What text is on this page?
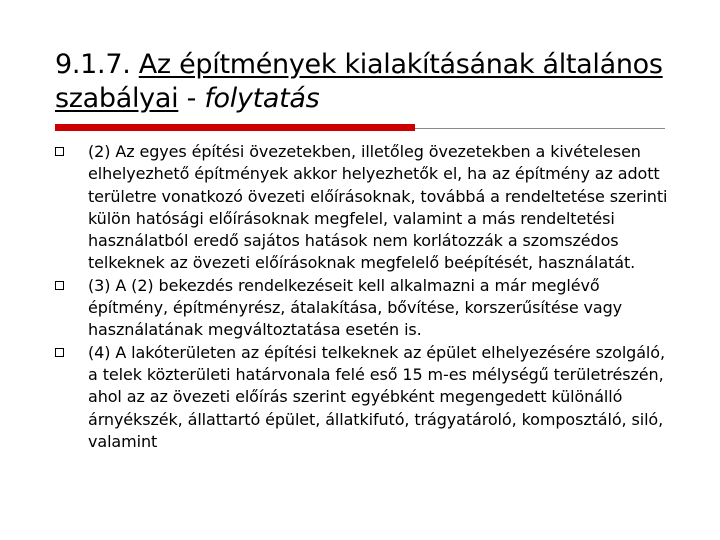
9.1.7. Az építmények kialakításának általános szabályai - folytatás
(2) Az egyes építési övezetekben, illetőleg övezetekben a kivételesen elhelyezhető építmények akkor helyezhetők el, ha az építmény az adott területre vonatkozó övezeti előírásoknak, továbbá a rendeltetése szerinti külön hatósági előírásoknak megfelel, valamint a más rendeltetési használatból eredő sajátos hatások nem korlátozzák a szomszédos telkeknek az övezeti előírásoknak megfelelő beépítését, használatát.
(3) A (2) bekezdés rendelkezéseit kell alkalmazni a már meglévő építmény, építményrész, átalakítása, bővítése, korszerűsítése vagy használatának megváltoztatása esetén is.
(4) A lakóterületen az építési telkeknek az épület elhelyezésére szolgáló, a telek közterületi határvonala felé eső 15 m-es mélységű területrészén, ahol az az övezeti előírás szerint egyébként megengedett különálló árnyékszék, állattartó épület, állatkifutó, trágyatároló, komposztáló, siló, valamint
